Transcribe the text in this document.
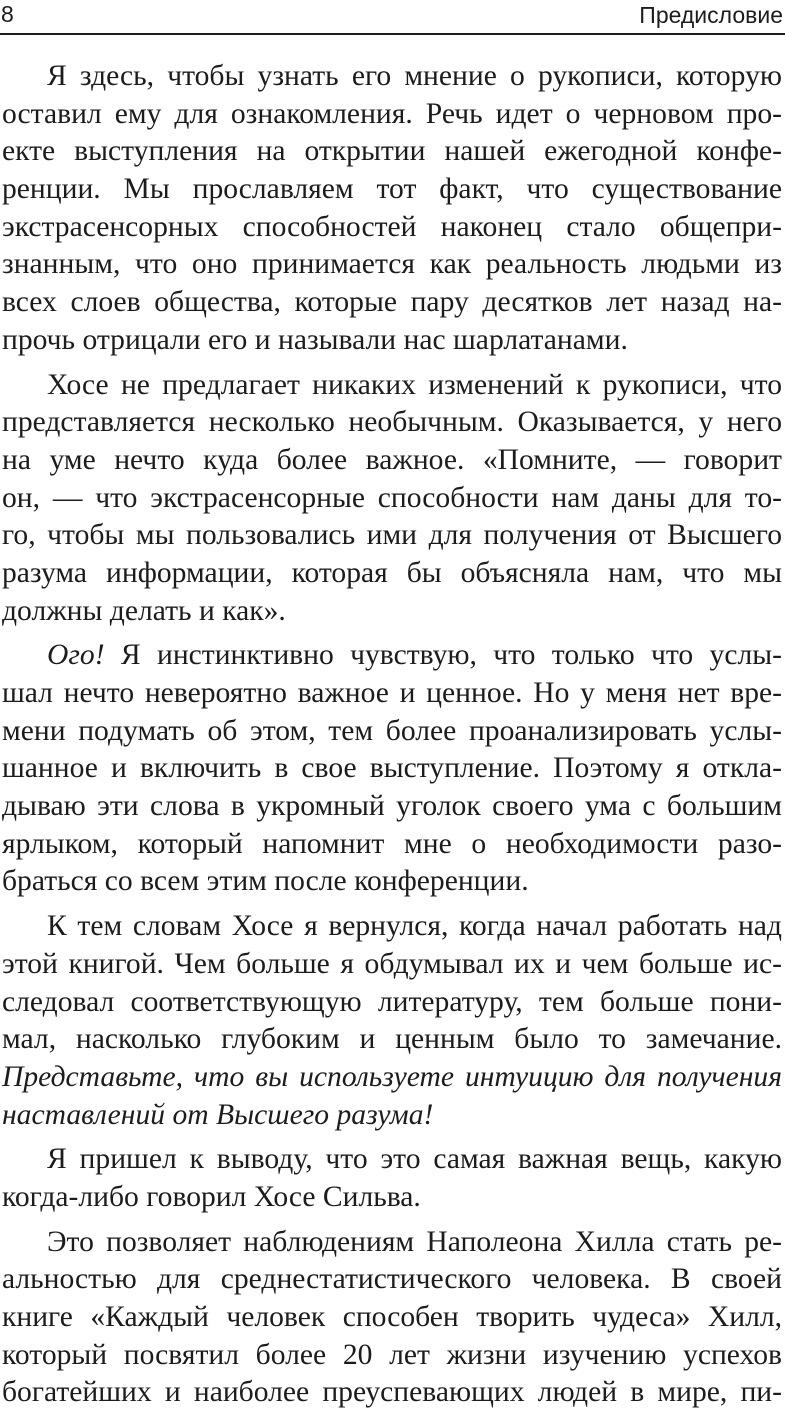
8	Предисловие
Я здесь, чтобы узнать его мнение о рукописи, которую
оставил ему для ознакомления. Речь идет о черновом про-
екте выступления на открытии нашей ежегодной конфе-
ренции. Мы прославляем тот факт, что существование
экстрасенсорных способностей наконец стало общепри-
знанным, что оно принимается как реальность людьми из
всех слоев общества, которые пару десятков лет назад на-
прочь отрицали его и называли нас шарлатанами.
Хосе не предлагает никаких изменений к рукописи, что
представляется несколько необычным. Оказывается, у него
на уме нечто куда более важное. «Помните, — говорит
он, — что экстрасенсорные способности нам даны для то-
го, чтобы мы пользовались ими для получения от Высшего
разума информации, которая бы объясняла нам, что мы
должны делать и как».
Ого! Я инстинктивно чувствую, что только что услы-
шал нечто невероятно важное и ценное. Но у меня нет вре-
мени подумать об этом, тем более проанализировать услы-
шанное и включить в свое выступление. Поэтому я откла-
дываю эти слова в укромный уголок своего ума с большим
ярлыком, который напомнит мне о необходимости разо-
браться со всем этим после конференции.
К тем словам Хосе я вернулся, когда начал работать над
этой книгой. Чем больше я обдумывал их и чем больше ис-
следовал соответствующую литературу, тем больше пони-
мал, насколько глубоким и ценным было то замечание.
Представьте, что вы используете интуицию для получения
наставлений от Высшего разума!
Я пришел к выводу, что это самая важная вещь, какую
когда-либо говорил Хосе Сильва.
Это позволяет наблюдениям Наполеона Хилла стать ре-
альностью для среднестатистического человека. В своей
книге «Каждый человек способен творить чудеса» Хилл,
который посвятил более 20 лет жизни изучению успехов
богатейших и наиболее преуспевающих людей в мире, пи-
